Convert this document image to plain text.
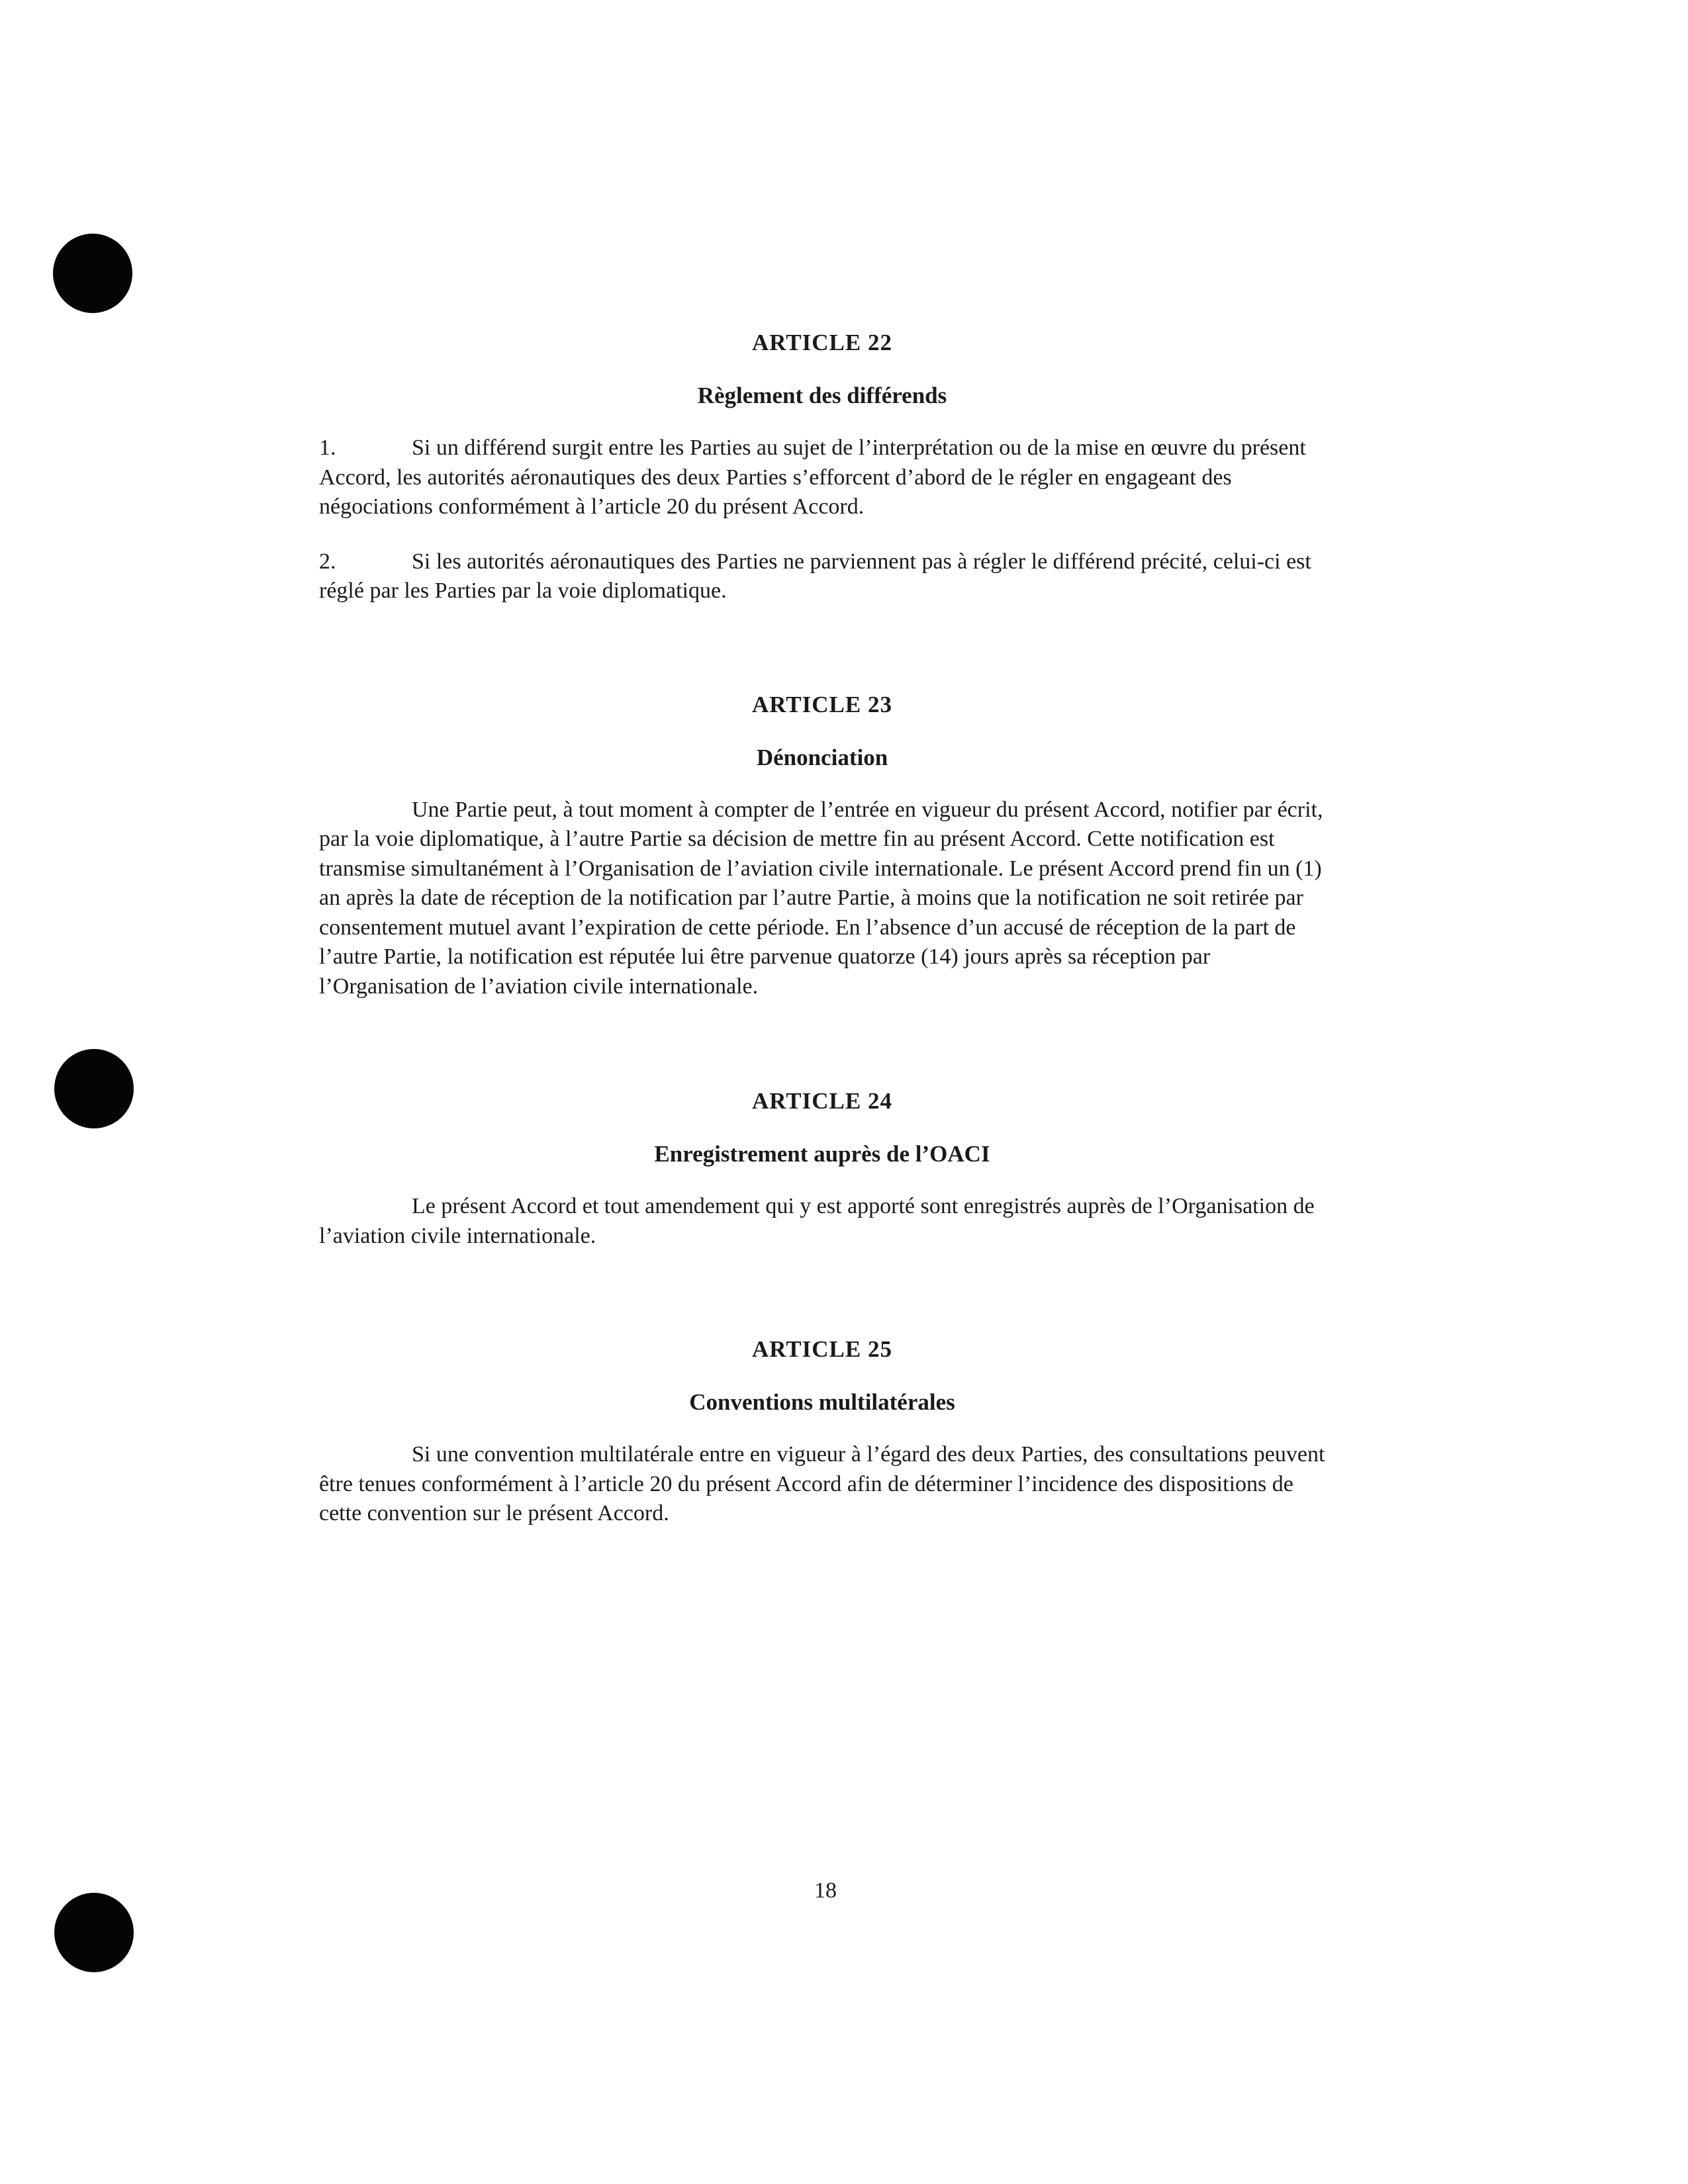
ARTICLE 22
Règlement des différends

1.	Si un différend surgit entre les Parties au sujet de l’interprétation ou de la mise en œuvre du présent Accord, les autorités aéronautiques des deux Parties s’efforcent d’abord de le régler en engageant des négociations conformément à l’article 20 du présent Accord.

2.	Si les autorités aéronautiques des Parties ne parviennent pas à régler le différend précité, celui-ci est réglé par les Parties par la voie diplomatique.

ARTICLE 23
Dénonciation

Une Partie peut, à tout moment à compter de l’entrée en vigueur du présent Accord, notifier par écrit, par la voie diplomatique, à l’autre Partie sa décision de mettre fin au présent Accord. Cette notification est transmise simultanément à l’Organisation de l’aviation civile internationale. Le présent Accord prend fin un (1) an après la date de réception de la notification par l’autre Partie, à moins que la notification ne soit retirée par consentement mutuel avant l’expiration de cette période. En l’absence d’un accusé de réception de la part de l’autre Partie, la notification est réputée lui être parvenue quatorze (14) jours après sa réception par l’Organisation de l’aviation civile internationale.

ARTICLE 24
Enregistrement auprès de l’OACI

Le présent Accord et tout amendement qui y est apporté sont enregistrés auprès de l’Organisation de l’aviation civile internationale.

ARTICLE 25
Conventions multilatérales

Si une convention multilatérale entre en vigueur à l’égard des deux Parties, des consultations peuvent être tenues conformément à l’article 20 du présent Accord afin de déterminer l’incidence des dispositions de cette convention sur le présent Accord.

18
